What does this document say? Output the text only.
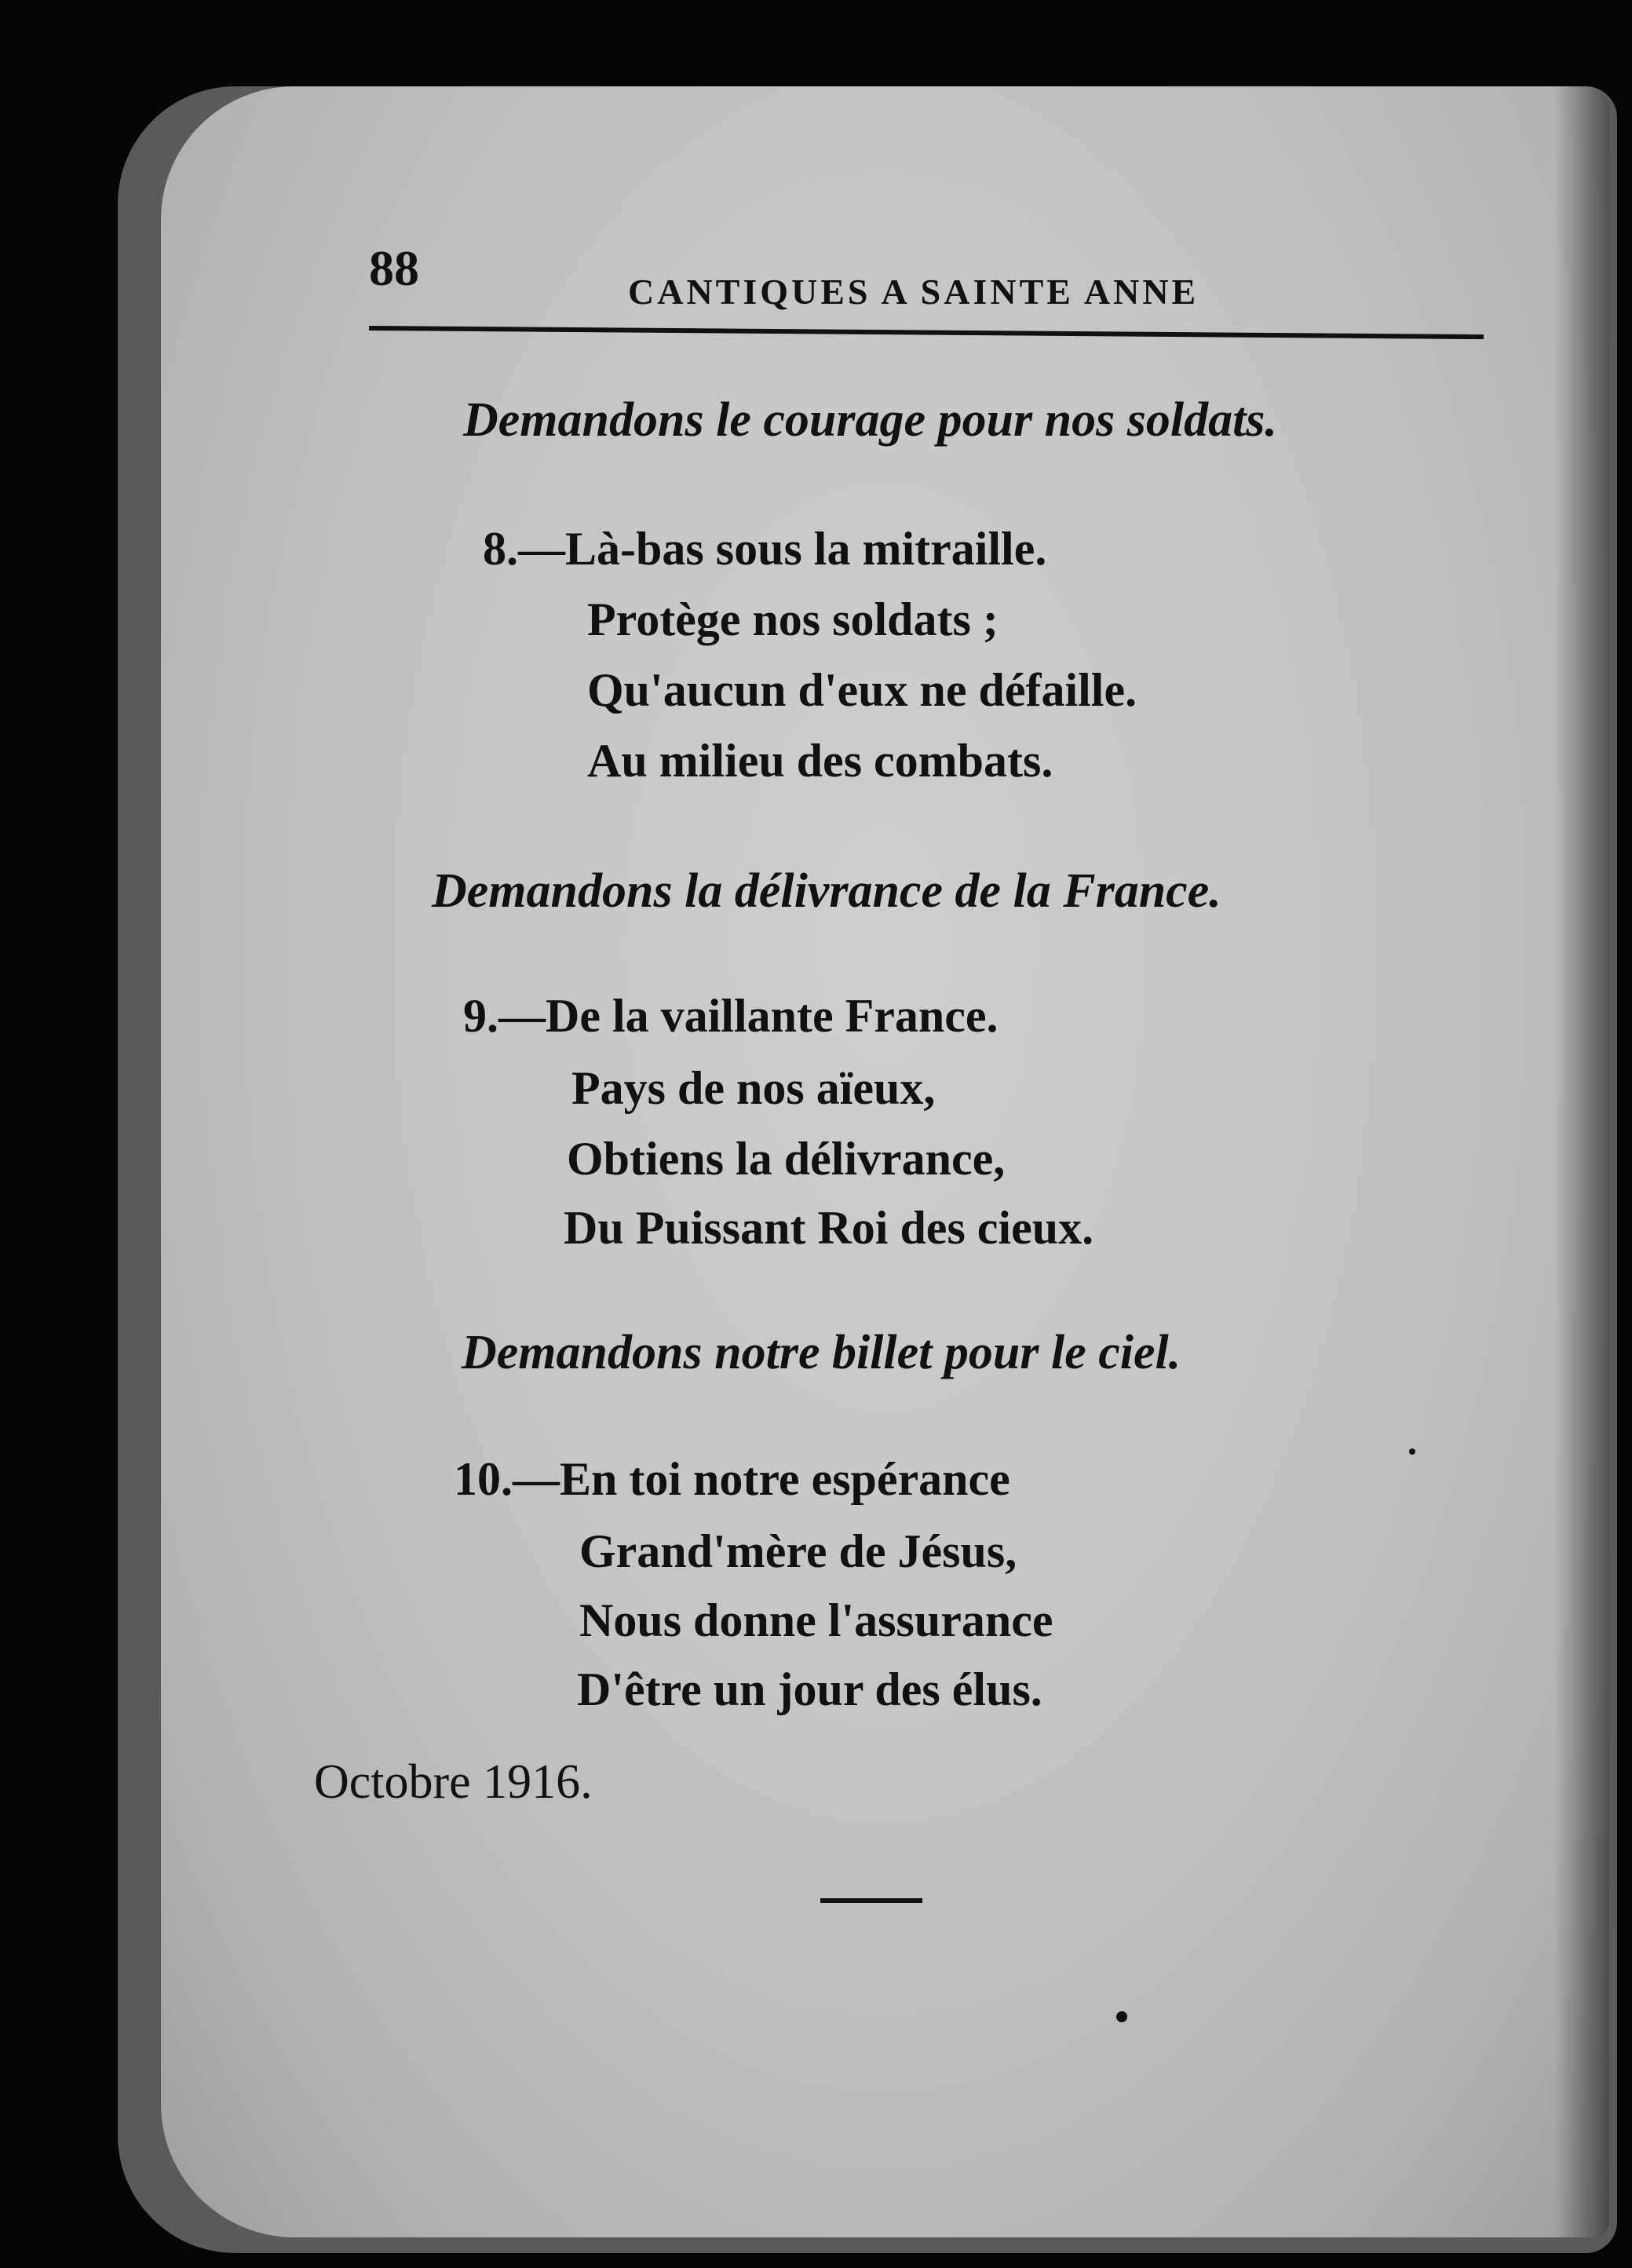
88	CANTIQUES A SAINTE ANNE
Demandons le courage pour nos soldats.
8.—Là-bas sous la mitraille.
Protège nos soldats ;
Qu'aucun d'eux ne défaille.
Au milieu des combats.
Demandons la délivrance de la France.
9.—De la vaillante France.
Pays de nos aïeux,
Obtiens la délivrance,
Du Puissant Roi des cieux.
Demandons notre billet pour le ciel.
10.—En toi notre espérance
Grand'mère de Jésus,
Nous donne l'assurance
D'être un jour des élus.
Octobre 1916.
